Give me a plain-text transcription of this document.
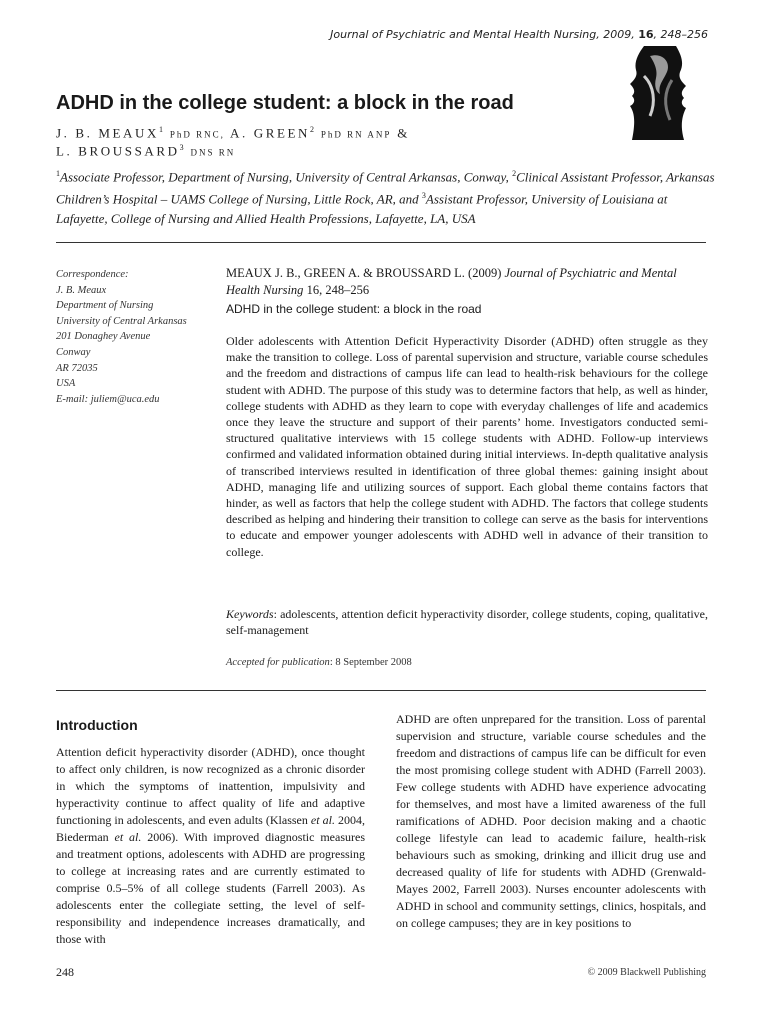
Journal of Psychiatric and Mental Health Nursing, 2009, 16, 248–256
ADHD in the college student: a block in the road
J. B. MEAUX$^1$ PhD RNC, A. GREEN$^2$ PhD RN ANP &
L. BROUSSARD$^3$ DNS RN
$^1$Associate Professor, Department of Nursing, University of Central Arkansas, Conway, $^2$Clinical Assistant Professor, Arkansas Children’s Hospital – UAMS College of Nursing, Little Rock, AR, and $^3$Assistant Professor, University of Louisiana at Lafayette, College of Nursing and Allied Health Professions, Lafayette, LA, USA
Correspondence:
J. B. Meaux
Department of Nursing
University of Central Arkansas
201 Donaghey Avenue
Conway
AR 72035
USA
E-mail: juliem@uca.edu
MEAUX J. B., GREEN A. & BROUSSARD L. (2009) Journal of Psychiatric and Mental Health Nursing 16, 248–256
ADHD in the college student: a block in the road
Older adolescents with Attention Deficit Hyperactivity Disorder (ADHD) often struggle as they make the transition to college. Loss of parental supervision and structure, variable course schedules and the freedom and distractions of campus life can lead to health-risk behaviours for the college student with ADHD. The purpose of this study was to determine factors that help, as well as hinder, college students with ADHD as they learn to cope with everyday challenges of life and academics once they leave the structure and support of their parents’ home. Investigators conducted semi-structured qualitative interviews with 15 college students with ADHD. Follow-up interviews confirmed and validated information obtained during initial interviews. In-depth qualitative analysis of transcribed interviews resulted in identification of three global themes: gaining insight about ADHD, managing life and utilizing sources of support. Each global theme contains factors that hinder, as well as factors that help the college student with ADHD. The factors that college students described as helping and hindering their transition to college can serve as the basis for interventions to educate and empower younger adolescents with ADHD well in advance of their transition to college.
Keywords: adolescents, attention deficit hyperactivity disorder, college students, coping, qualitative, self-management
Accepted for publication: 8 September 2008
Introduction
Attention deficit hyperactivity disorder (ADHD), once thought to affect only children, is now recognized as a chronic disorder in which the symptoms of inattention, impulsivity and hyperactivity continue to affect quality of life and adaptive functioning in adolescents, and even adults (Klassen et al. 2004, Biederman et al. 2006). With improved diagnostic measures and treatment options, adolescents with ADHD are progressing to college at increasing rates and are currently estimated to comprise 0.5–5% of all college students (Farrell 2003). As adolescents enter the collegiate setting, the level of self-responsibility and independence increases dramatically, and those with
ADHD are often unprepared for the transition. Loss of parental supervision and structure, variable course schedules and the freedom and distractions of campus life can be difficult for even the most promising college student with ADHD (Farrell 2003). Few college students with ADHD have experience advocating for themselves, and most have a limited awareness of the full ramifications of ADHD. Poor decision making and a chaotic college lifestyle can lead to academic failure, health-risk behaviours such as smoking, drinking and illicit drug use and decreased quality of life for students with ADHD (Grenwald-Mayes 2002, Farrell 2003). Nurses encounter adolescents with ADHD in school and community settings, clinics, hospitals, and on college campuses; they are in key positions to
248	© 2009 Blackwell Publishing
